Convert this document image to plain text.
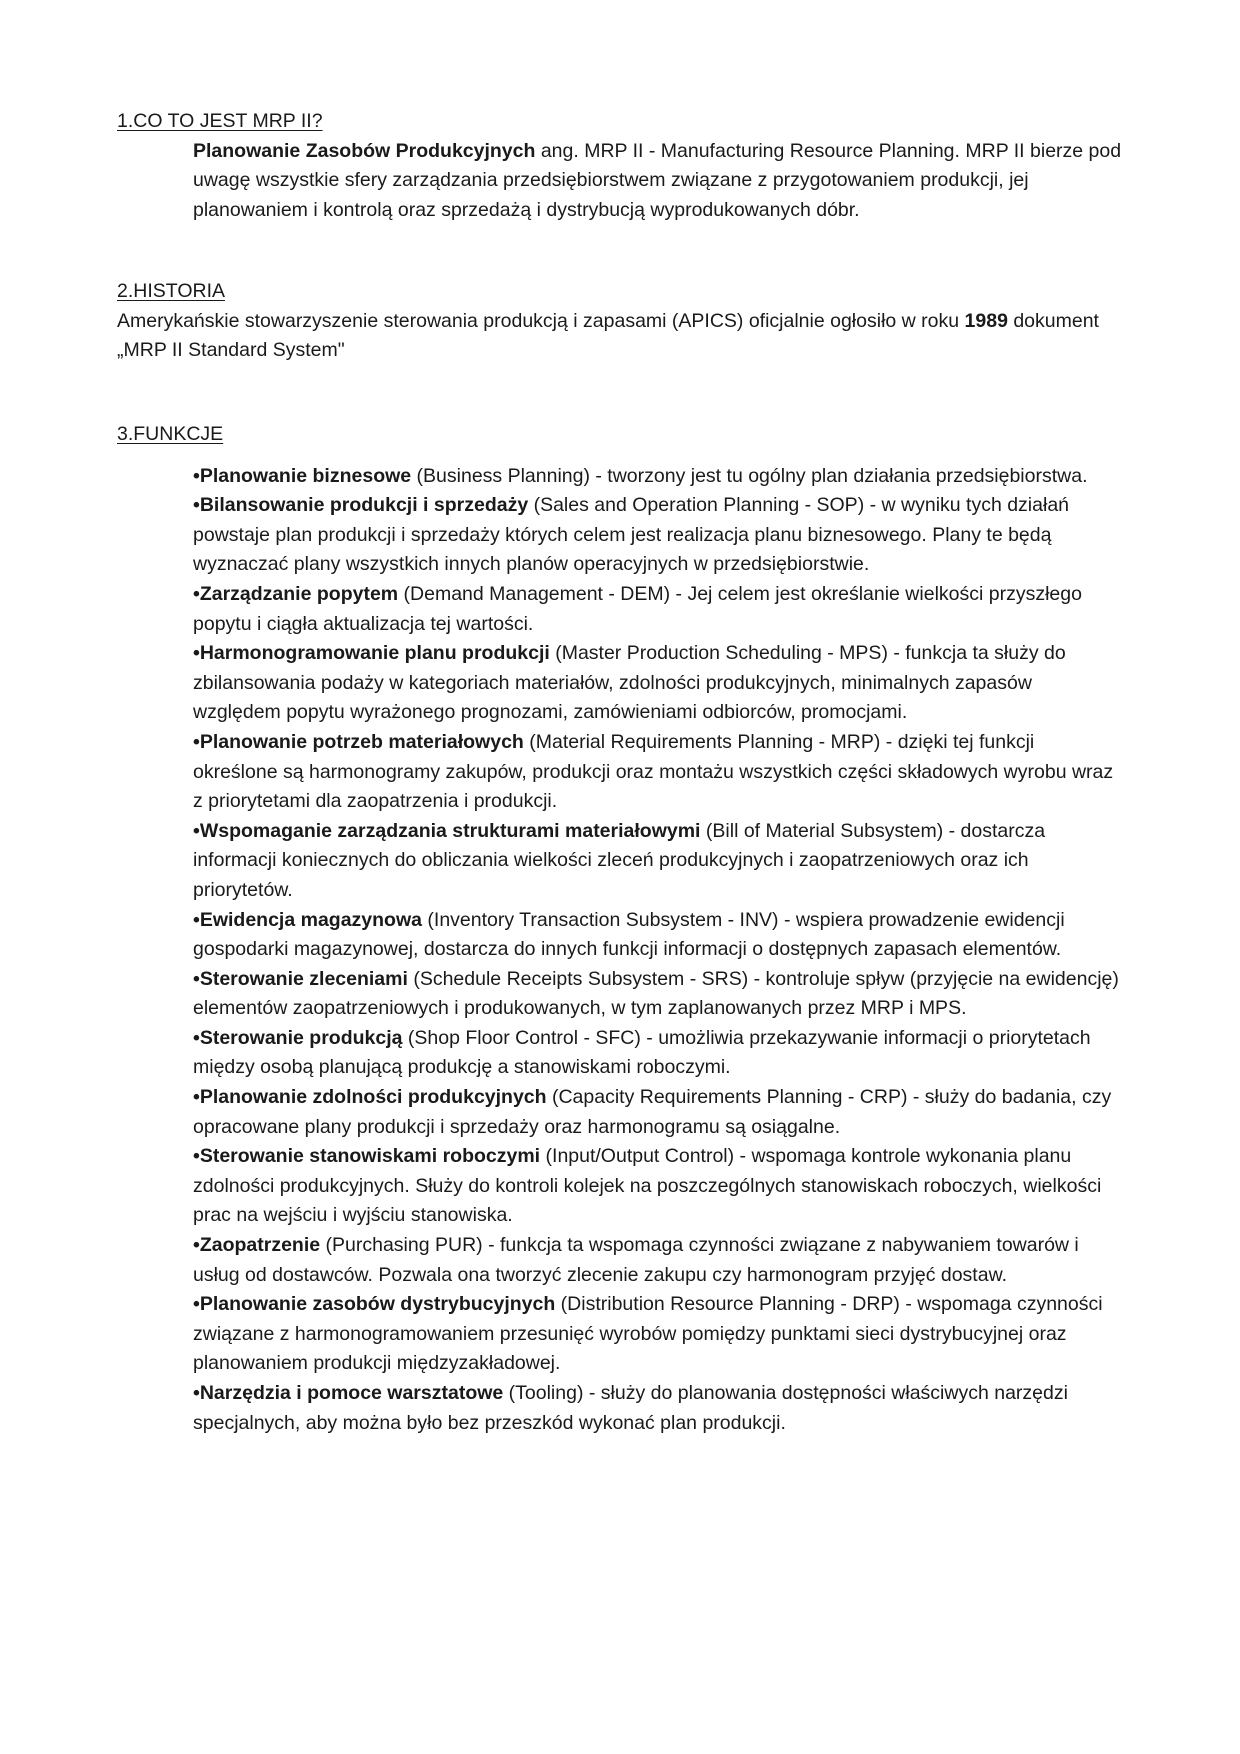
1.CO TO JEST MRP II?
Planowanie Zasobów Produkcyjnych ang. MRP II - Manufacturing Resource Planning. MRP II bierze pod uwagę wszystkie sfery zarządzania przedsiębiorstwem związane z przygotowaniem produkcji, jej planowaniem i kontrolą oraz sprzedażą i dystrybucją wyprodukowanych dóbr.
2.HISTORIA
Amerykańskie stowarzyszenie sterowania produkcją i zapasami (APICS) oficjalnie ogłosiło w roku 1989 dokument „MRP II Standard System"
3.FUNKCJE
•Planowanie biznesowe (Business Planning) - tworzony jest tu ogólny plan działania przedsiębiorstwa.
•Bilansowanie produkcji i sprzedaży (Sales and Operation Planning - SOP) - w wyniku tych działań powstaje plan produkcji i sprzedaży których celem jest realizacja planu biznesowego. Plany te będą wyznaczać plany wszystkich innych planów operacyjnych w przedsiębiorstwie.
•Zarządzanie popytem (Demand Management - DEM) - Jej celem jest określanie wielkości przyszłego popytu i ciągła aktualizacja tej wartości.
•Harmonogramowanie planu produkcji (Master Production Scheduling - MPS) - funkcja ta służy do zbilansowania podaży w kategoriach materiałów, zdolności produkcyjnych, minimalnych zapasów względem popytu wyrażonego prognozami, zamówieniami odbiorców, promocjami.
•Planowanie potrzeb materiałowych (Material Requirements Planning - MRP) - dzięki tej funkcji określone są harmonogramy zakupów, produkcji oraz montażu wszystkich części składowych wyrobu wraz z priorytetami dla zaopatrzenia i produkcji.
•Wspomaganie zarządzania strukturami materiałowymi (Bill of Material Subsystem) - dostarcza informacji koniecznych do obliczania wielkości zleceń produkcyjnych i zaopatrzeniowych oraz ich priorytetów.
•Ewidencja magazynowa (Inventory Transaction Subsystem - INV) - wspiera prowadzenie ewidencji gospodarki magazynowej, dostarcza do innych funkcji informacji o dostępnych zapasach elementów.
•Sterowanie zleceniami (Schedule Receipts Subsystem - SRS) - kontroluje spływ (przyjęcie na ewidencję) elementów zaopatrzeniowych i produkowanych, w tym zaplanowanych przez MRP i MPS.
•Sterowanie produkcją (Shop Floor Control - SFC) - umożliwia przekazywanie informacji o priorytetach między osobą planującą produkcję a stanowiskami roboczymi.
•Planowanie zdolności produkcyjnych (Capacity Requirements Planning - CRP) - służy do badania, czy opracowane plany produkcji i sprzedaży oraz harmonogramu są osiągalne.
•Sterowanie stanowiskami roboczymi (Input/Output Control) - wspomaga kontrole wykonania planu zdolności produkcyjnych. Służy do kontroli kolejek na poszczególnych stanowiskach roboczych, wielkości prac na wejściu i wyjściu stanowiska.
•Zaopatrzenie (Purchasing PUR) - funkcja ta wspomaga czynności związane z nabywaniem towarów i usług od dostawców. Pozwala ona tworzyć zlecenie zakupu czy harmonogram przyjęć dostaw.
•Planowanie zasobów dystrybucyjnych (Distribution Resource Planning - DRP) - wspomaga czynności związane z harmonogramowaniem przesunięć wyrobów pomiędzy punktami sieci dystrybucyjnej oraz planowaniem produkcji międzyzakładowej.
•Narzędzia i pomoce warsztatowe (Tooling) - służy do planowania dostępności właściwych narzędzi specjalnych, aby można było bez przeszkód wykonać plan produkcji.
